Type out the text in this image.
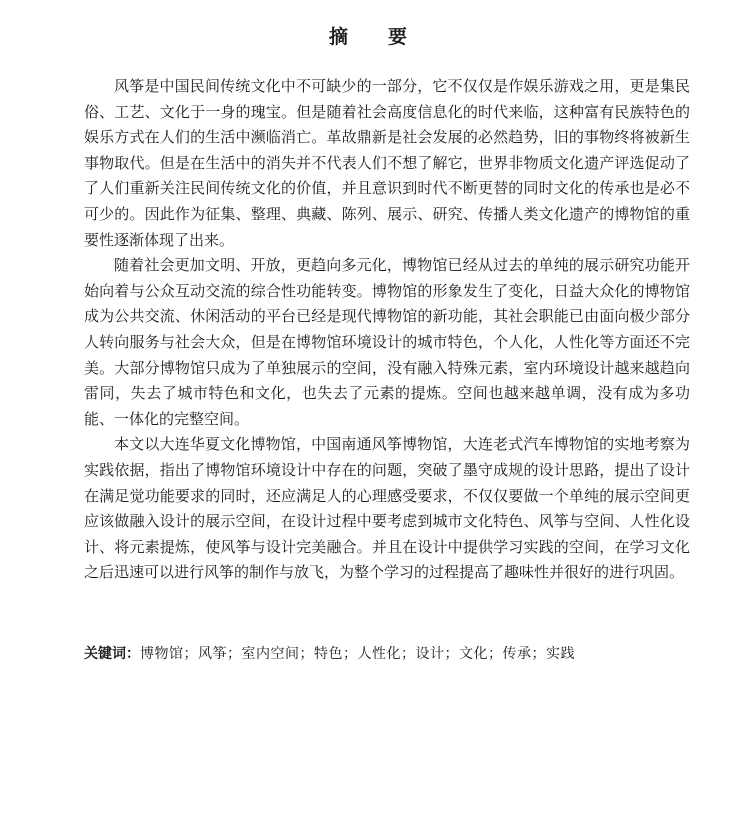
摘 要

风筝是中国民间传统文化中不可缺少的一部分，它不仅仅是作娱乐游戏之用，更是集民俗、工艺、文化于一身的瑰宝。但是随着社会高度信息化的时代来临，这种富有民族特色的娱乐方式在人们的生活中濒临消亡。革故鼎新是社会发展的必然趋势，旧的事物终将被新生事物取代。但是在生活中的消失并不代表人们不想了解它，世界非物质文化遗产评选促动了了人们重新关注民间传统文化的价值，并且意识到时代不断更替的同时文化的传承也是必不可少的。因此作为征集、整理、典藏、陈列、展示、研究、传播人类文化遗产的博物馆的重要性逐渐体现了出来。

随着社会更加文明、开放，更趋向多元化，博物馆已经从过去的单纯的展示研究功能开始向着与公众互动交流的综合性功能转变。博物馆的形象发生了变化，日益大众化的博物馆成为公共交流、休闲活动的平台已经是现代博物馆的新功能，其社会职能已由面向极少部分人转向服务与社会大众，但是在博物馆环境设计的城市特色，个人化，人性化等方面还不完美。大部分博物馆只成为了单独展示的空间，没有融入特殊元素，室内环境设计越来越趋向雷同，失去了城市特色和文化，也失去了元素的提炼。空间也越来越单调，没有成为多功能、一体化的完整空间。

本文以大连华夏文化博物馆，中国南通风筝博物馆，大连老式汽车博物馆的实地考察为实践依据，指出了博物馆环境设计中存在的问题，突破了墨守成规的设计思路，提出了设计在满足觉功能要求的同时，还应满足人的心理感受要求，不仅仅要做一个单纯的展示空间更应该做融入设计的展示空间，在设计过程中要考虑到城市文化特色、风筝与空间、人性化设计、将元素提炼，使风筝与设计完美融合。并且在设计中提供学习实践的空间，在学习文化之后迅速可以进行风筝的制作与放飞，为整个学习的过程提高了趣味性并很好的进行巩固。

关键词：博物馆；风筝；室内空间；特色；人性化；设计；文化；传承；实践
